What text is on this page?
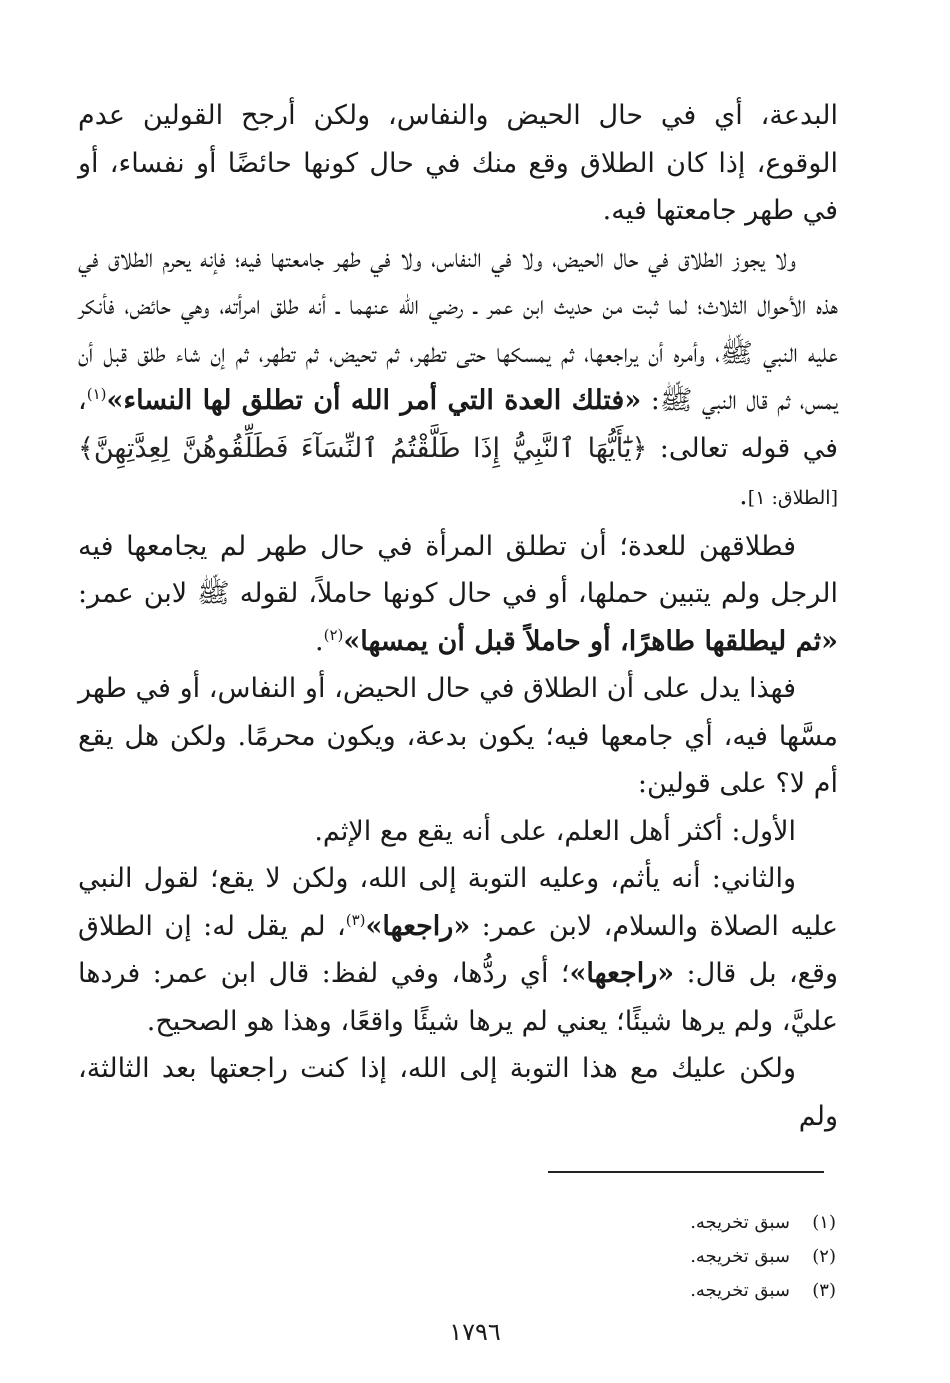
البدعة، أي في حال الحيض والنفاس، ولكن أرجح القولين عدم الوقوع، إذا كان الطلاق وقع منك في حال كونها حائضًا أو نفساء، أو في طهر جامعتها فيه.

ولا يجوز الطلاق في حال الحيض، ولا في النفاس، ولا في طهر جامعتها فيه؛ فإنه يحرم الطلاق في هذه الأحوال الثلاث؛ لما ثبت من حديث ابن عمر ـ رضي الله عنهما ـ أنه طلق امرأته، وهي حائض، فأنكر عليه النبي ﷺ، وأمره أن يراجعها، ثم يمسكها حتى تطهر، ثم تحيض، ثم تطهر، ثم إن شاء طلق قبل أن يمس، ثم قال النبي ﷺ: «فتلك العدة التي أمر الله أن تطلق لها النساء»$^{(١)}$، في قوله تعالى: ﴿يَٰٓأَيُّهَا ٱلنَّبِيُّ إِذَا طَلَّقْتُمُ ٱلنِّسَآءَ فَطَلِّقُوهُنَّ لِعِدَّتِهِنَّ﴾ [الطلاق: ١].

فطلاقهن للعدة؛ أن تطلق المرأة في حال طهر لم يجامعها فيه الرجل ولم يتبين حملها، أو في حال كونها حاملاً، لقوله ﷺ لابن عمر: «ثم ليطلقها طاهرًا، أو حاملاً قبل أن يمسها»$^{(٢)}$.

فهذا يدل على أن الطلاق في حال الحيض، أو النفاس، أو في طهر مسَّها فيه، أي جامعها فيه؛ يكون بدعة، ويكون محرمًا. ولكن هل يقع أم لا؟ على قولين:

الأول: أكثر أهل العلم، على أنه يقع مع الإثم.

والثاني: أنه يأثم، وعليه التوبة إلى الله، ولكن لا يقع؛ لقول النبي عليه الصلاة والسلام، لابن عمر: «راجعها»$^{(٣)}$، لم يقل له: إن الطلاق وقع، بل قال: «راجعها»؛ أي ردُّها، وفي لفظ: قال ابن عمر: فردها عليَّ، ولم يرها شيئًا؛ يعني لم يرها شيئًا واقعًا، وهذا هو الصحيح.

ولكن عليك مع هذا التوبة إلى الله، إذا كنت راجعتها بعد الثالثة، ولم

(١)سبق تخريجه.
(٢)سبق تخريجه.
(٣)سبق تخريجه.
١٧٩٦
